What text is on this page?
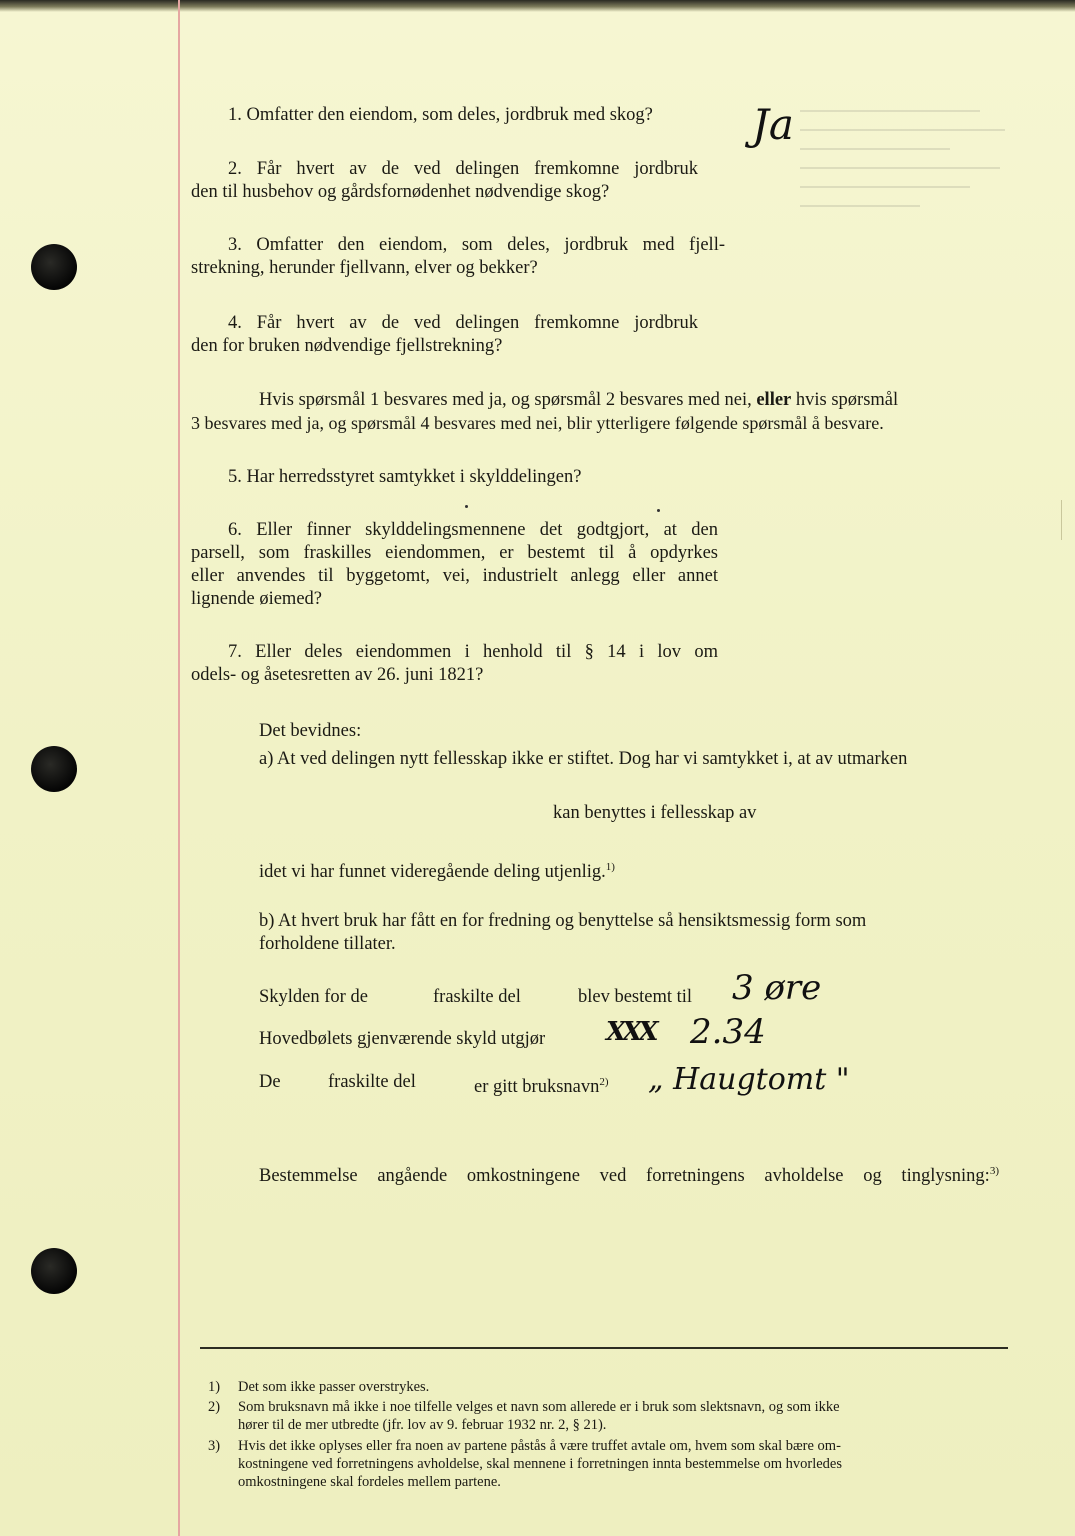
1. Omfatter den eiendom, som deles, jordbruk med skog? Ja
2. Får hvert av de ved delingen fremkomne jordbruk
den til husbehov og gårdsfornødenhet nødvendige skog?
3. Omfatter den eiendom, som deles, jordbruk med fjell-
strekning, herunder fjellvann, elver og bekker?
4. Får hvert av de ved delingen fremkomne jordbruk
den for bruken nødvendige fjellstrekning?
Hvis spørsmål 1 besvares med ja, og spørsmål 2 besvares med nei, eller hvis spørsmål
3 besvares med ja, og spørsmål 4 besvares med nei, blir ytterligere følgende spørsmål å besvare.
5. Har herredsstyret samtykket i skylddelingen?
6. Eller finner skylddelingsmennene det godtgjort, at den
parsell, som fraskilles eiendommen, er bestemt til å opdyrkes
eller anvendes til byggetomt, vei, industrielt anlegg eller annet
lignende øiemed?
7. Eller deles eiendommen i henhold til § 14 i lov om
odels- og åsetesretten av 26. juni 1821?
Det bevidnes:
a) At ved delingen nytt fellesskap ikke er stiftet. Dog har vi samtykket i, at av utmarken
kan benyttes i fellesskap av
idet vi har funnet videregående deling utjenlig.$^{1)}$
b) At hvert bruk har fått en for fredning og benyttelse så hensiktsmessig form som
forholdene tillater.
Skylden for de	fraskilte del	blev bestemt til 3 øre
Hovedbølets gjenværende skyld utgjør XXX 2.34
De	fraskilte del	er gitt bruksnavn$^{2)}$ „ Haugtomt "
Bestemmelse angående omkostningene ved forretningens avholdelse og tinglysning:$^{3)}$
1) Det som ikke passer overstrykes.
2) Som bruksnavn må ikke i noe tilfelle velges et navn som allerede er i bruk som slektsnavn, og som ikke
hører til de mer utbredte (jfr. lov av 9. februar 1932 nr. 2, § 21).
3) Hvis det ikke oplyses eller fra noen av partene påstås å være truffet avtale om, hvem som skal bære om-
kostningene ved forretningens avholdelse, skal mennene i forretningen innta bestemmelse om hvorledes
omkostningene skal fordeles mellem partene.
